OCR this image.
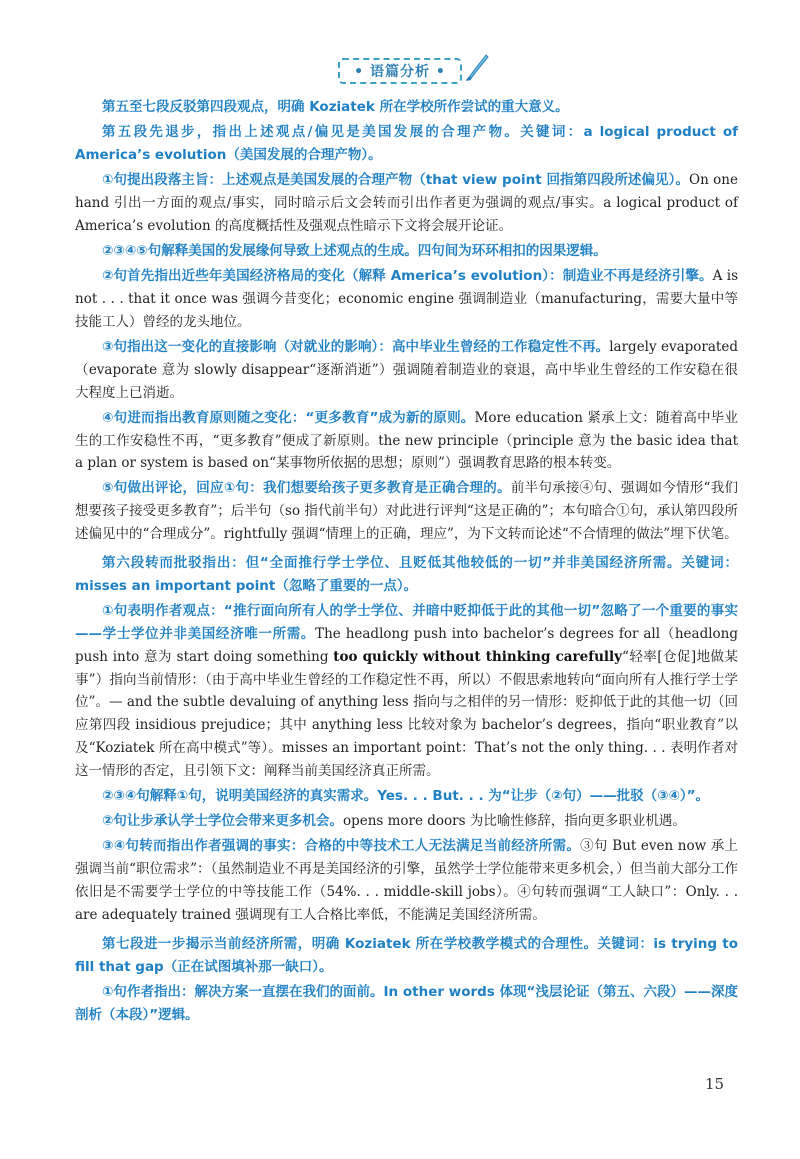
• 语篇分析 •

第五至七段反驳第四段观点，明确 Koziatek 所在学校所作尝试的重大意义。

第五段先退步，指出上述观点/偏见是美国发展的合理产物。关键词：a logical product of America’s evolution（美国发展的合理产物）。

①句提出段落主旨：上述观点是美国发展的合理产物（that view point 回指第四段所述偏见）。On one hand 引出一方面的观点/事实，同时暗示后文会转而引出作者更为强调的观点/事实。a logical product of America’s evolution 的高度概括性及强观点性暗示下文将会展开论证。

②③④⑤句解释美国的发展缘何导致上述观点的生成。四句间为环环相扣的因果逻辑。

②句首先指出近些年美国经济格局的变化（解释 America’s evolution）：制造业不再是经济引擎。A is not . . . that it once was 强调今昔变化；economic engine 强调制造业（manufacturing，需要大量中等技能工人）曾经的龙头地位。

③句指出这一变化的直接影响（对就业的影响）：高中毕业生曾经的工作稳定性不再。largely evaporated（evaporate 意为 slowly disappear“逐渐消逝”）强调随着制造业的衰退，高中毕业生曾经的工作安稳在很大程度上已消逝。

④句进而指出教育原则随之变化：“更多教育”成为新的原则。More education 紧承上文：随着高中毕业生的工作安稳性不再，“更多教育”便成了新原则。the new principle（principle 意为 the basic idea that a plan or system is based on“某事物所依据的思想；原则”）强调教育思路的根本转变。

⑤句做出评论，回应①句：我们想要给孩子更多教育是正确合理的。前半句承接④句、强调如今情形“我们想要孩子接受更多教育”；后半句（so 指代前半句）对此进行评判“这是正确的”；本句暗合①句，承认第四段所述偏见中的“合理成分”。rightfully 强调“情理上的正确，理应”，为下文转而论述“不合情理的做法”埋下伏笔。

第六段转而批驳指出：但“全面推行学士学位、且贬低其他较低的一切”并非美国经济所需。关键词：misses an important point（忽略了重要的一点）。

①句表明作者观点：“推行面向所有人的学士学位、并暗中贬抑低于此的其他一切”忽略了一个重要的事实——学士学位并非美国经济唯一所需。The headlong push into bachelor’s degrees for all（headlong push into 意为 start doing something too quickly without thinking carefully“轻率[仓促]地做某事”）指向当前情形：（由于高中毕业生曾经的工作稳定性不再，所以）不假思索地转向“面向所有人推行学士学位”。— and the subtle devaluing of anything less 指向与之相伴的另一情形：贬抑低于此的其他一切（回应第四段 insidious prejudice；其中 anything less 比较对象为 bachelor’s degrees，指向“职业教育”以及“Koziatek 所在高中模式”等）。misses an important point：That’s not the only thing. . . 表明作者对这一情形的否定，且引领下文：阐释当前美国经济真正所需。

②③④句解释①句，说明美国经济的真实需求。Yes. . . But. . . 为“让步（②句）——批驳（③④）”。

②句让步承认学士学位会带来更多机会。opens more doors 为比喻性修辞，指向更多职业机遇。

③④句转而指出作者强调的事实：合格的中等技术工人无法满足当前经济所需。③句 But even now 承上强调当前“职位需求”：（虽然制造业不再是美国经济的引擎，虽然学士学位能带来更多机会，）但当前大部分工作依旧是不需要学士学位的中等技能工作（54%. . . middle-skill jobs）。④句转而强调“工人缺口”：Only. . . are adequately trained 强调现有工人合格比率低，不能满足美国经济所需。

第七段进一步揭示当前经济所需，明确 Koziatek 所在学校教学模式的合理性。关键词：is trying to fill that gap（正在试图填补那一缺口）。

①句作者指出：解决方案一直摆在我们的面前。In other words 体现“浅层论证（第五、六段）——深度剖析（本段）”逻辑。

15
